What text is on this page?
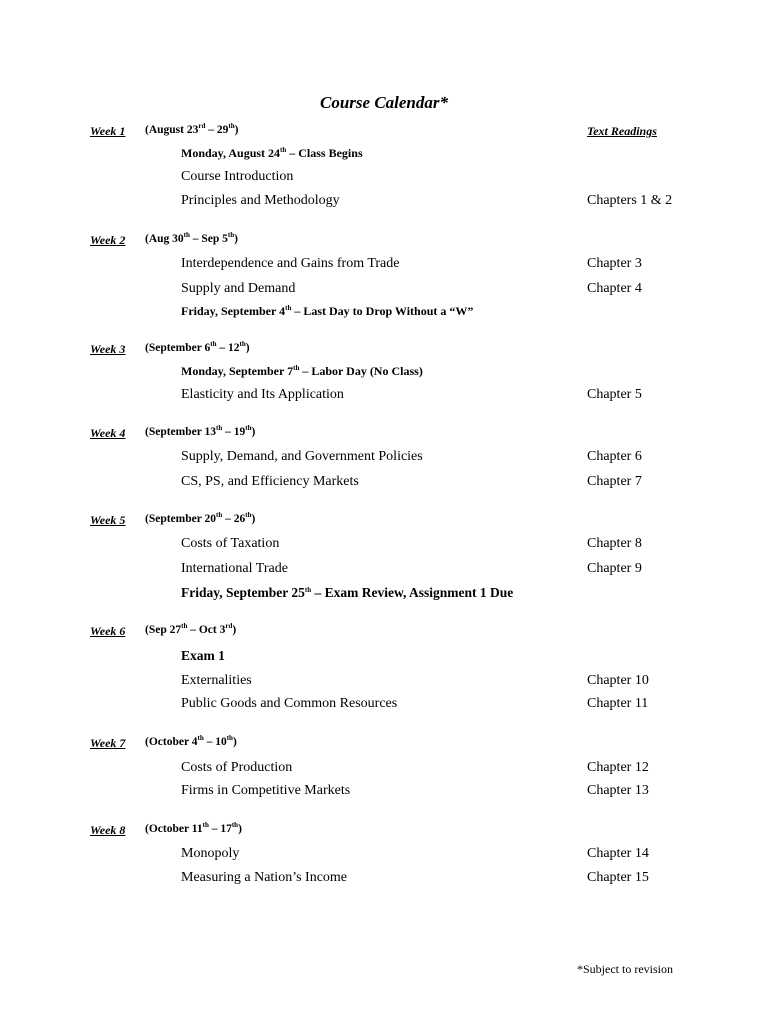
Course Calendar*
Text Readings
Week 1 (August 23rd – 29th)
Monday, August 24th – Class Begins
Course Introduction
Principles and Methodology	Chapters 1 & 2
Week 2 (Aug 30th – Sep 5th)
Interdependence and Gains from Trade	Chapter 3
Supply and Demand	Chapter 4
Friday, September 4th – Last Day to Drop Without a “W”
Week 3 (September 6th – 12th)
Monday, September 7th – Labor Day (No Class)
Elasticity and Its Application	Chapter 5
Week 4 (September 13th – 19th)
Supply, Demand, and Government Policies	Chapter 6
CS, PS, and Efficiency Markets	Chapter 7
Week 5 (September 20th – 26th)
Costs of Taxation	Chapter 8
International Trade	Chapter 9
Friday, September 25th – Exam Review, Assignment 1 Due
Week 6 (Sep 27th – Oct 3rd)
Exam 1
Externalities	Chapter 10
Public Goods and Common Resources	Chapter 11
Week 7 (October 4th – 10th)
Costs of Production	Chapter 12
Firms in Competitive Markets	Chapter 13
Week 8 (October 11th – 17th)
Monopoly	Chapter 14
Measuring a Nation’s Income	Chapter 15
*Subject to revision
